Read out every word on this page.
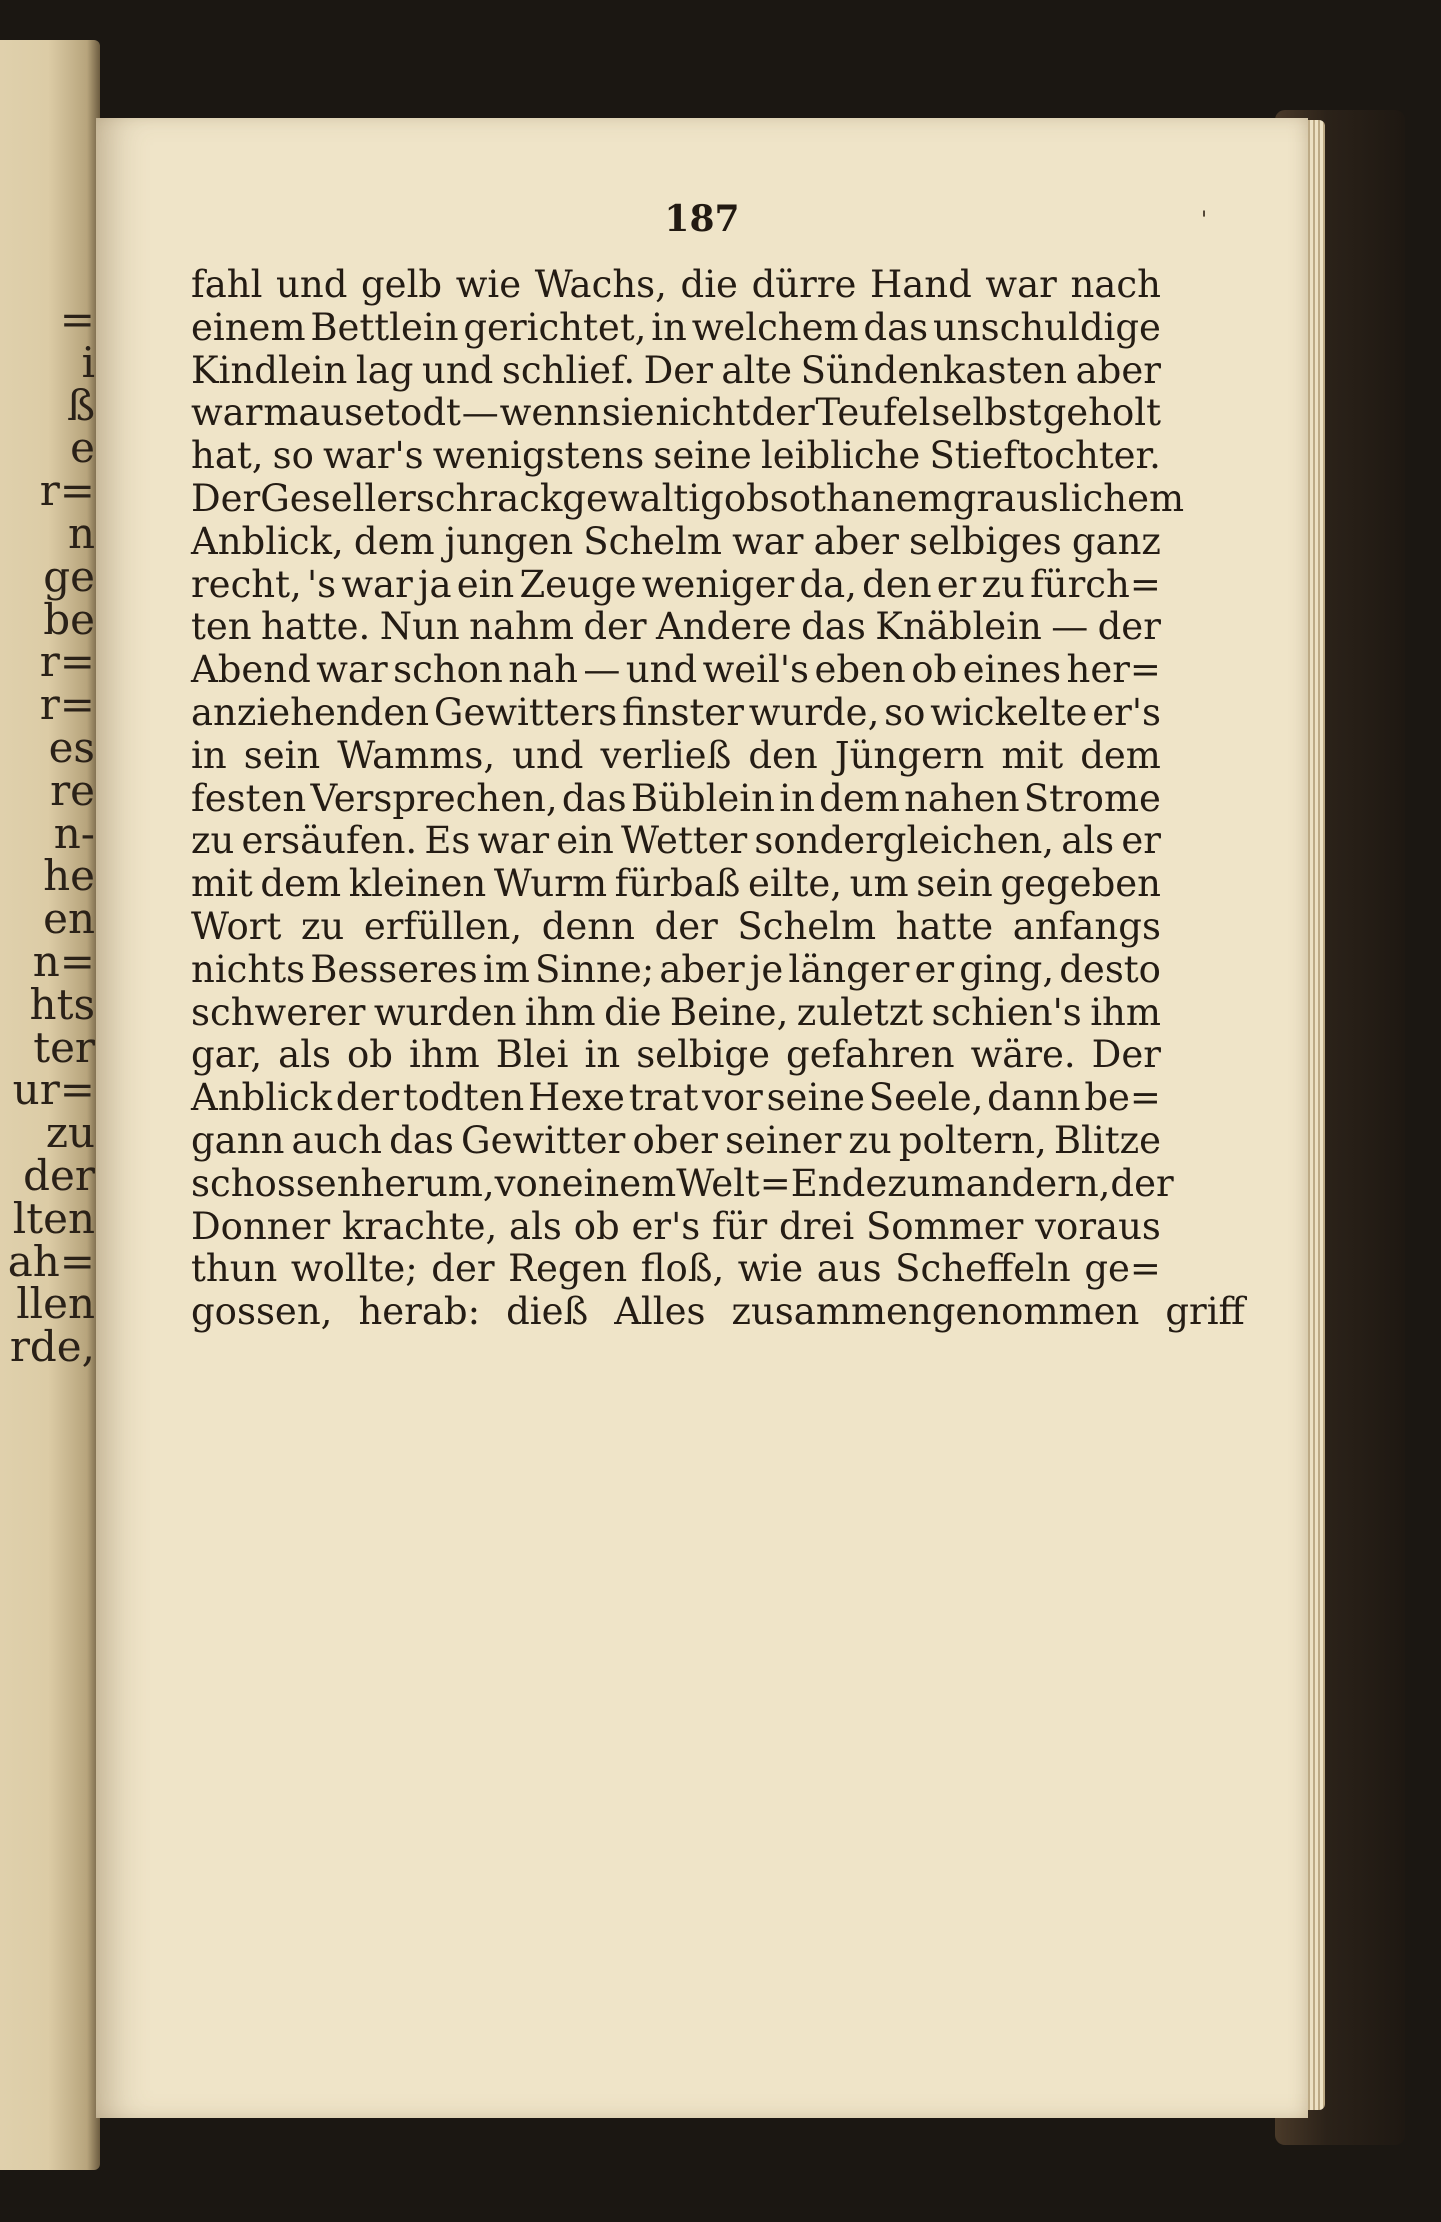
=
i
ß
e
r=
n
ge
be
r=
r=
es
re
n-
he
en
n=
hts
ter
ur=
zu
der
lten
ah=
llen
rde,
187	'
fahl und gelb wie Wachs, die dürre Hand war nach
einem Bettlein gerichtet, in welchem das unschuldige
Kindlein lag und schlief. Der alte Sündenkasten aber
war mausetodt — wenn sie nicht der Teufel selbst geholt
hat, so war's wenigstens seine leibliche Stieftochter.
Der Gesell erschrack gewaltig ob sothanem grauslichem
Anblick, dem jungen Schelm war aber selbiges ganz
recht, 's war ja ein Zeuge weniger da, den er zu fürch=
ten hatte. Nun nahm der Andere das Knäblein — der
Abend war schon nah — und weil's eben ob eines her=
anziehenden Gewitters finster wurde, so wickelte er's
in sein Wamms, und verließ den Jüngern mit dem
festen Versprechen, das Büblein in dem nahen Strome
zu ersäufen. Es war ein Wetter sondergleichen, als er
mit dem kleinen Wurm fürbaß eilte, um sein gegeben
Wort zu erfüllen, denn der Schelm hatte anfangs
nichts Besseres im Sinne; aber je länger er ging, desto
schwerer wurden ihm die Beine, zuletzt schien's ihm
gar, als ob ihm Blei in selbige gefahren wäre. Der
Anblick der todten Hexe trat vor seine Seele, dann be=
gann auch das Gewitter ober seiner zu poltern, Blitze
schossen herum, von einem Welt=Ende zum andern, der
Donner krachte, als ob er's für drei Sommer voraus
thun wollte; der Regen floß, wie aus Scheffeln ge=
gossen, herab: dieß Alles zusammengenommen griff
